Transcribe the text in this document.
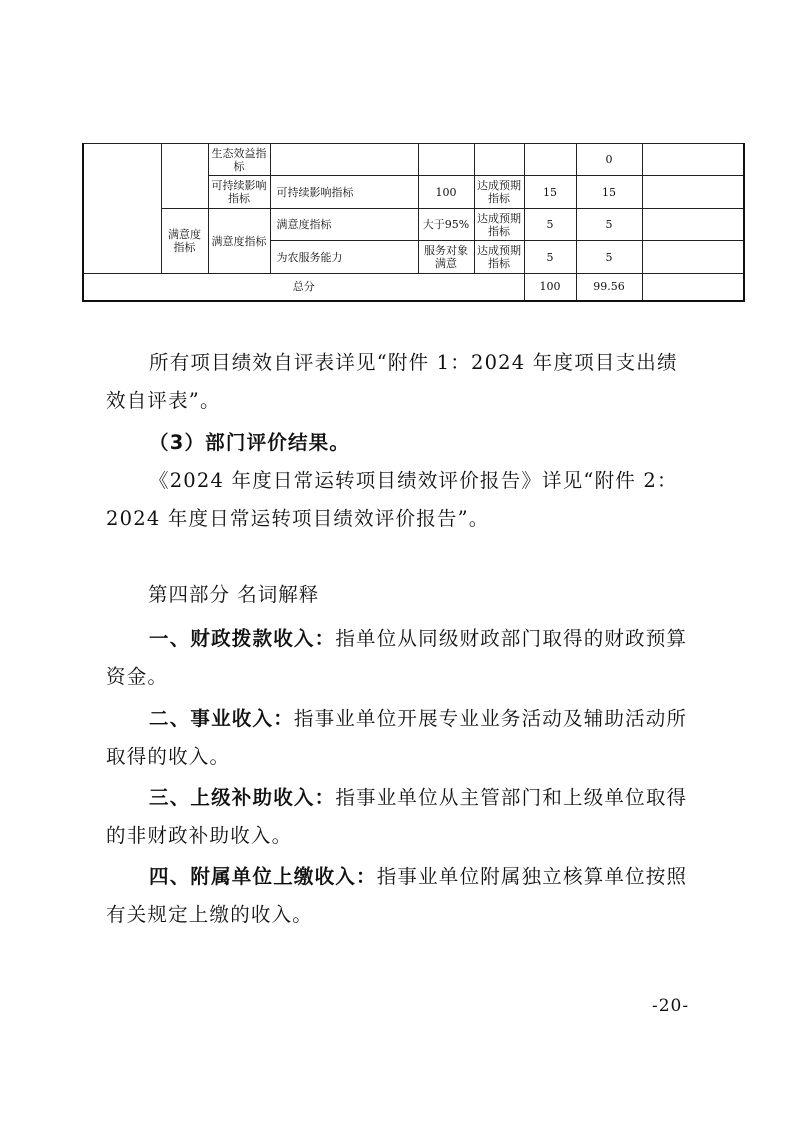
		生态效益指标					0	
		可持续影响指标	可持续影响指标	100	达成预期指标	15	15	
	满意度指标	满意度指标	满意度指标	大于95%	达成预期指标	5	5	
			为农服务能力	服务对象满意	达成预期指标	5	5	
总分						100	99.56	

所有项目绩效自评表详见“附件 1：2024 年度项目支出绩效自评表”。

（3）部门评价结果。

《2024 年度日常运转项目绩效评价报告》详见“附件 2：2024 年度日常运转项目绩效评价报告”。

第四部分 名词解释

一、财政拨款收入：指单位从同级财政部门取得的财政预算资金。

二、事业收入：指事业单位开展专业业务活动及辅助活动所取得的收入。

三、上级补助收入：指事业单位从主管部门和上级单位取得的非财政补助收入。

四、附属单位上缴收入：指事业单位附属独立核算单位按照有关规定上缴的收入。

-20-
